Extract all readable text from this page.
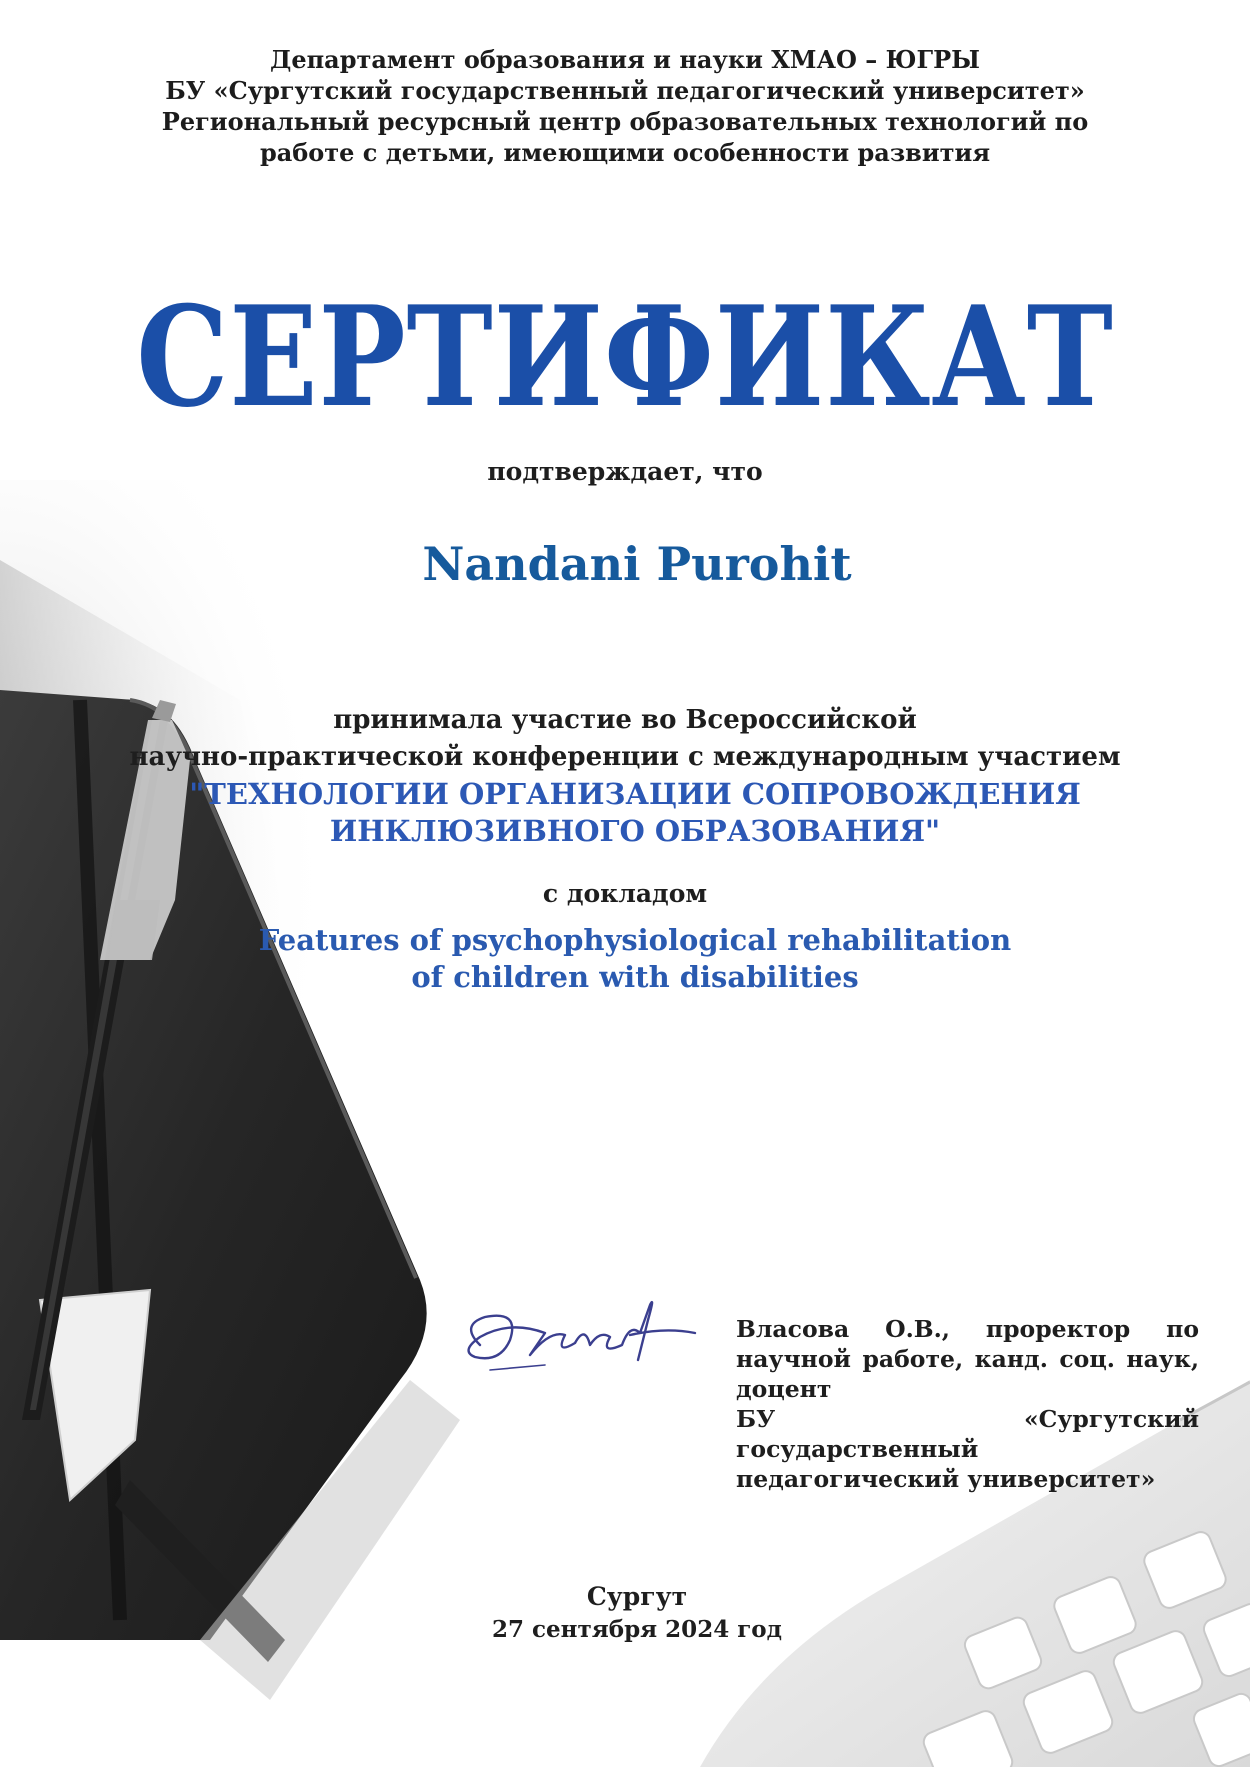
Департамент образования и науки ХМАО – ЮГРЫ
БУ «Сургутский государственный педагогический университет»
Региональный ресурсный центр образовательных технологий по
работе с детьми, имеющими особенности развития
СЕРТИФИКАТ
подтверждает, что
Nandani Purohit
принимала участие во Всероссийской
научно-практической конференции с международным участием
"ТЕХНОЛОГИИ ОРГАНИЗАЦИИ СОПРОВОЖДЕНИЯ
ИНКЛЮЗИВНОГО ОБРАЗОВАНИЯ"
с докладом
Features of psychophysiological rehabilitation
of children with disabilities

Власова О.В., проректор по научной работе, канд. соц. наук, доцент

БУ «Сургутский государственный педагогический университет»

Сургут
27 сентября 2024 год
